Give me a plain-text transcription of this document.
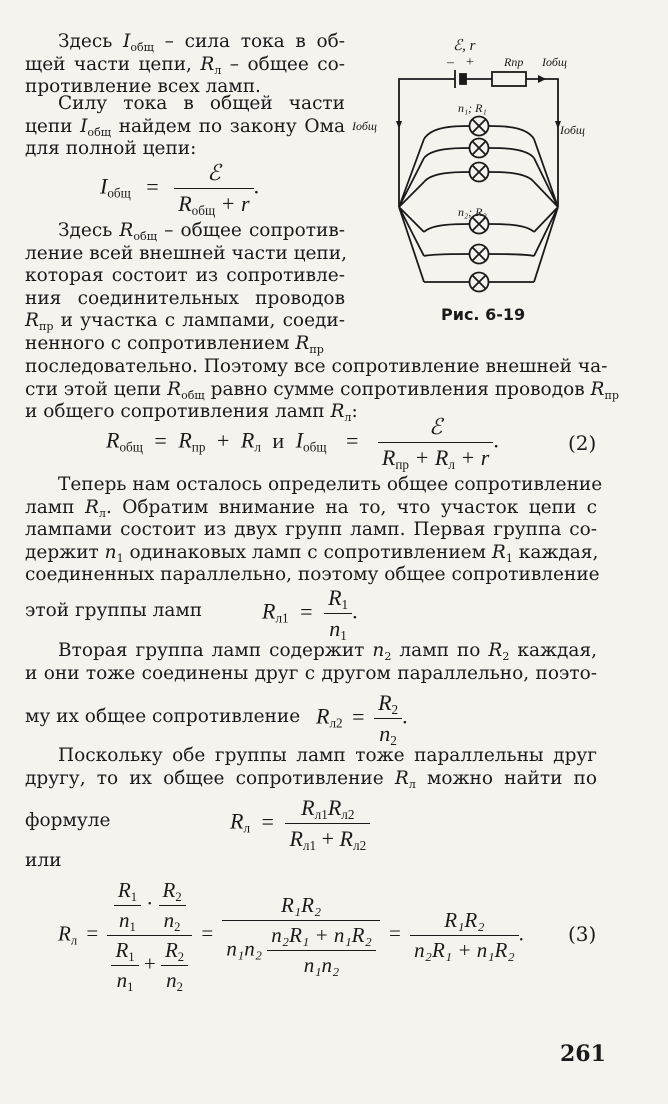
Здесь $I_{общ}$ – сила тока в об-
щей части цепи, $R_л$ – общее со-
противление всех ламп.
Силу тока в общей части
цепи $I_{общ}$ найдем по закону Ома
для полной цепи:
$I_{общ} = \frac{\text{ℰ}}{R_{общ} + r}$ .
Здесь $R_{общ}$ – общее сопротив-
ление всей внешней части цепи,
которая состоит из сопротивле-
ния соединительных проводов
$R_{пр}$ и участка с лампами, соеди-
ненного с сопротивлением $R_{пр}$
последовательно. Поэтому все сопротивление внешней ча-
сти этой цепи $R_{общ}$ равно сумме сопротивления проводов $R_{пр}$
и общего сопротивления ламп $R_л$:
$R_{общ} = R_{пр} + R_л$ и $I_{общ} = \frac{\text{ℰ}}{R_{пр} + R_л + r}$ .	(2)
Теперь нам осталось определить общее сопротивление
ламп $R_л$. Обратим внимание на то, что участок цепи с
лампами состоит из двух групп ламп. Первая группа со-
держит $n_1$ одинаковых ламп с сопротивлением $R_1$ каждая,
соединенных параллельно, поэтому общее сопротивление
этой группы ламп	$R_{л1} = \frac{R_1}{n_1}$ .
Вторая группа ламп содержит $n_2$ ламп по $R_2$ каждая,
и они тоже соединены друг с другом параллельно, поэто-
му их общее сопротивление $R_{л2} = \frac{R_2}{n_2}$ .
Поскольку обе группы ламп тоже параллельны друг
другу, то их общее сопротивление $R_л$ можно найти по
формуле	$R_л = \frac{R_{л1}R_{л2}}{R_{л1} + R_{л2}}$
или
$R_л = \frac{\frac{R_1}{n_1} \cdot \frac{R_2}{n_2}}{\frac{R_1}{n_1} + \frac{R_2}{n_2}} = \frac{\text{R₁R₂}}{n_1n_2 \frac{\text{n₂R₁ + n₁R₂}}{\text{n₁n₂}}} = \frac{\text{R₁R₂}}{\text{n₂R₁ + n₁R₂}}$ . (3)
ℰ, r
– +	Rпр Iобщ
Iобщ	Iобщ
n₁; R₁
n₂; R₂
Рис. 6-19
261
